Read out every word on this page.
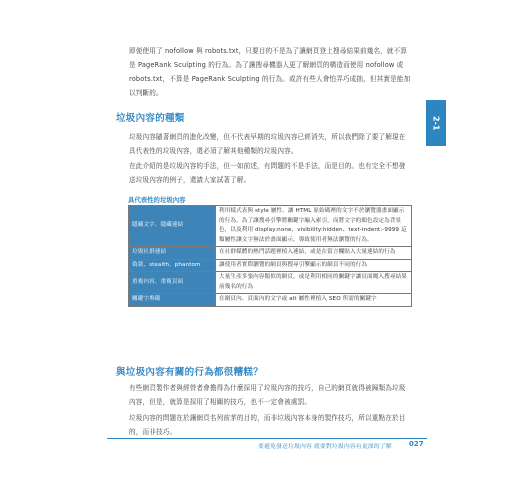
即便使用了 nofollow 與 robots.txt，只要目的不是為了讓網頁登上搜尋結果前幾名，就不算是 PageRank Sculpting 的行為。為了讓搜尋機器人更了解網頁的構造而使用 nofollow 或 robots.txt，不算是 PageRank Sculpting 的行為。或許有些人會怕弄巧成拙，但其實是能加以判斷的。

垃圾內容的種類

垃圾內容隨著網頁的進化改變，但不代表早期的垃圾內容已經消失，所以我們除了要了解現在具代表性的垃圾內容，還必須了解其他種類的垃圾內容。

在此介紹的是垃圾內容的手法，但一如前述，有問題的不是手法，而是目的。也有完全不想發送垃圾內容的例子，還請大家試著了解。

具代表性的垃圾內容

隱藏文字、隱藏連結	利用樣式表與 style 屬性，讓 HTML 原始碼裡的文字不於瀏覽器畫面顯示的行為。為了讓搜尋引擎將關鍵字編入索引，而將文字的顏色設定為背景色，以及利用 display:none、visibility:hidden、text-indent:-9999 這類屬性讓文字無法於畫面顯示，導致使用者無法瀏覽的行為。
垃圾社群連結	在社群媒體的熱門話題裡植入連結，或是在留言欄貼入大量連結的行為
偽裝、stealth、phantom	讓使用者實際瀏覽的網頁與搜尋引擎顯示的網頁不同的行為
重複內容、重複頁面	大量生產多張內容類似的網頁，或是利用相同的關鍵字讓頁面闖入搜尋結果前幾名的行為
關鍵字堆砌	在網頁內、頁面內的文字或 alt 屬性裡植入 SEO 所需的關鍵字
與垃圾內容有關的行為都很糟糕？

有些網頁製作者與經營者會擔得為什麼採用了垃圾內容的技巧，自己的網頁就得被歸類為垃圾內容，但是，就算是採用了相關的技巧，也不一定會被處罰。

垃圾內容的問題在於讓網頁名列前茅的目的，而非垃圾內容本身的製作技巧，所以重點在於目的，而非技巧。

2-1

要避免發送垃圾內容 就要對垃圾內容有更深的了解 027
